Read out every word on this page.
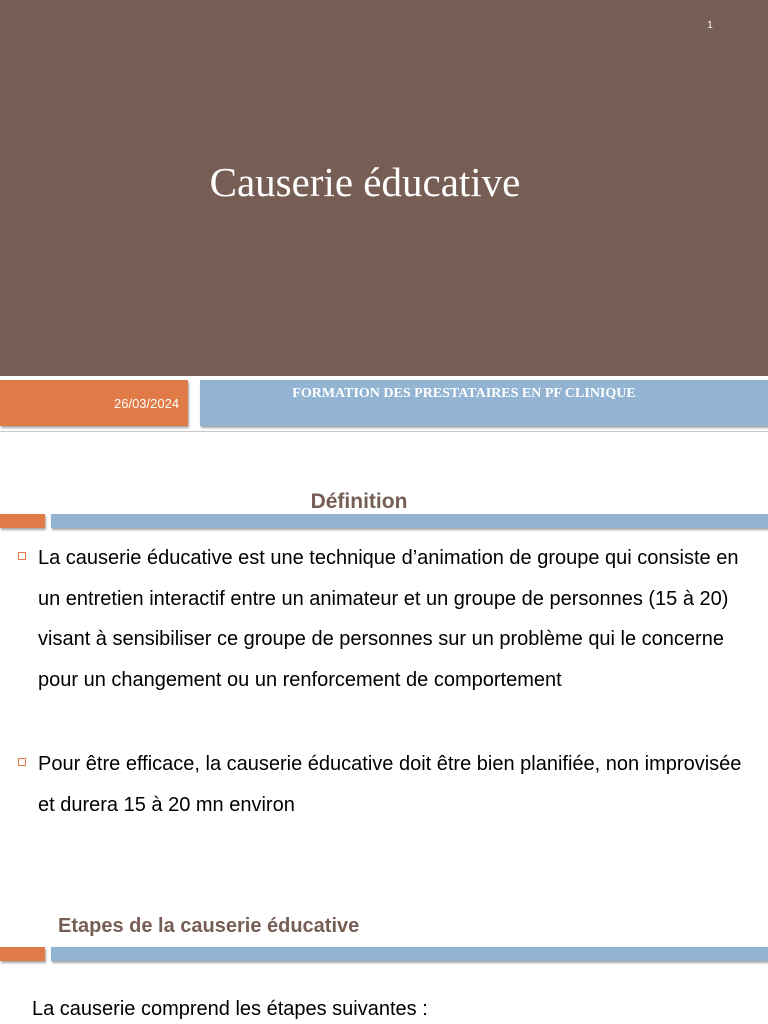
1
Causerie éducative
26/03/2024
FORMATION DES PRESTATAIRES EN PF CLINIQUE
Définition
La causerie éducative est une technique d’animation de groupe qui consiste en un entretien interactif entre un animateur et un groupe de personnes (15 à 20) visant à sensibiliser ce groupe de personnes sur un problème qui le concerne pour un changement ou un renforcement de comportement
Pour être efficace, la causerie éducative doit être bien planifiée, non improvisée et durera 15 à 20 mn environ
Etapes de la causerie éducative
La causerie comprend les étapes suivantes :
